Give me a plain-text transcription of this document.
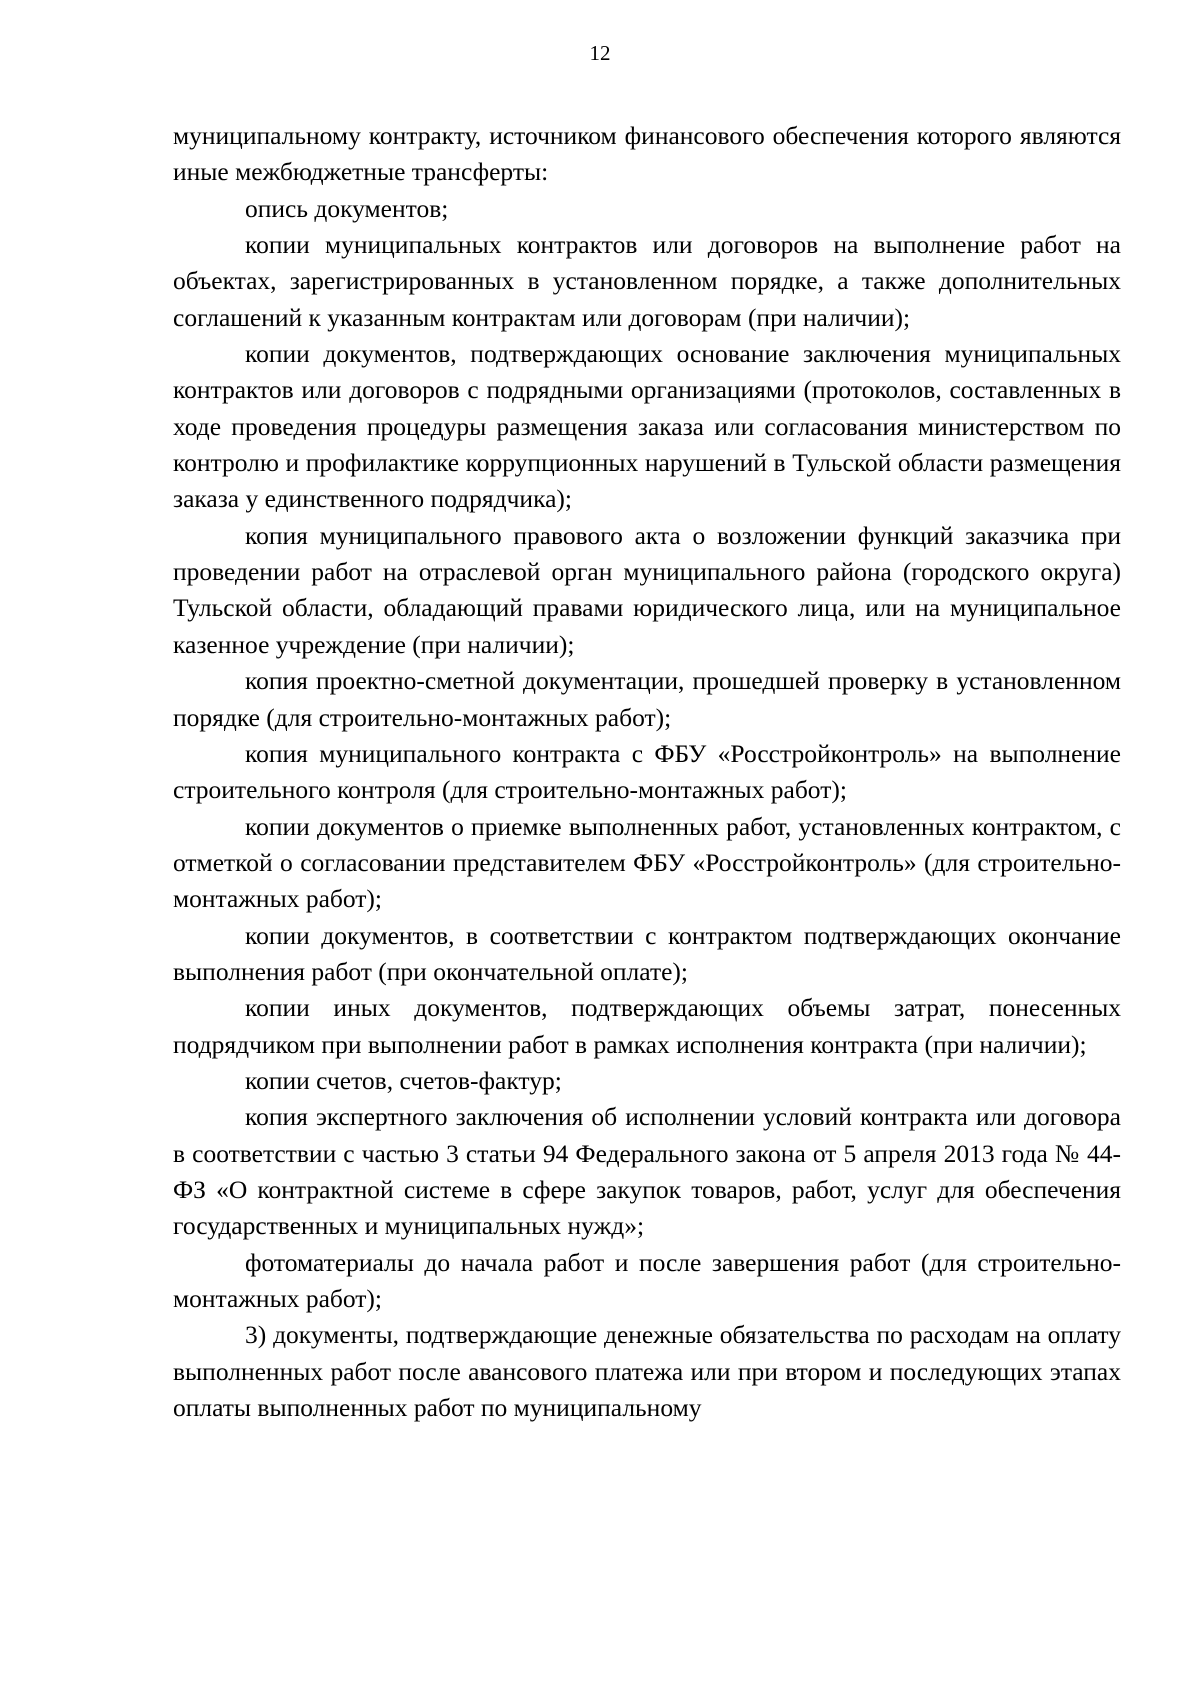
12

муниципальному контракту, источником финансового обеспечения которого являются иные межбюджетные трансферты:

опись документов;

копии муниципальных контрактов или договоров на выполнение работ на объектах, зарегистрированных в установленном порядке, а также дополнительных соглашений к указанным контрактам или договорам (при наличии);

копии документов, подтверждающих основание заключения муниципальных контрактов или договоров с подрядными организациями (протоколов, составленных в ходе проведения процедуры размещения заказа или согласования министерством по контролю и профилактике коррупционных нарушений в Тульской области размещения заказа у единственного подрядчика);

копия муниципального правового акта о возложении функций заказчика при проведении работ на отраслевой орган муниципального района (городского округа) Тульской области, обладающий правами юридического лица, или на муниципальное казенное учреждение (при наличии);

копия проектно-сметной документации, прошедшей проверку в установленном порядке (для строительно-монтажных работ);

копия муниципального контракта с ФБУ «Росстройконтроль» на выполнение строительного контроля (для строительно-монтажных работ);

копии документов о приемке выполненных работ, установленных контрактом, с отметкой о согласовании представителем ФБУ «Росстройконтроль» (для строительно-монтажных работ);

копии документов, в соответствии с контрактом подтверждающих окончание выполнения работ (при окончательной оплате);

копии иных документов, подтверждающих объемы затрат, понесенных подрядчиком при выполнении работ в рамках исполнения контракта (при наличии);

копии счетов, счетов-фактур;

копия экспертного заключения об исполнении условий контракта или договора в соответствии с частью 3 статьи 94 Федерального закона от 5 апреля 2013 года № 44-ФЗ «О контрактной системе в сфере закупок товаров, работ, услуг для обеспечения государственных и муниципальных нужд»;

фотоматериалы до начала работ и после завершения работ (для строительно-монтажных работ);

3) документы, подтверждающие денежные обязательства по расходам на оплату выполненных работ после авансового платежа или при втором и последующих этапах оплаты выполненных работ по муниципальному
